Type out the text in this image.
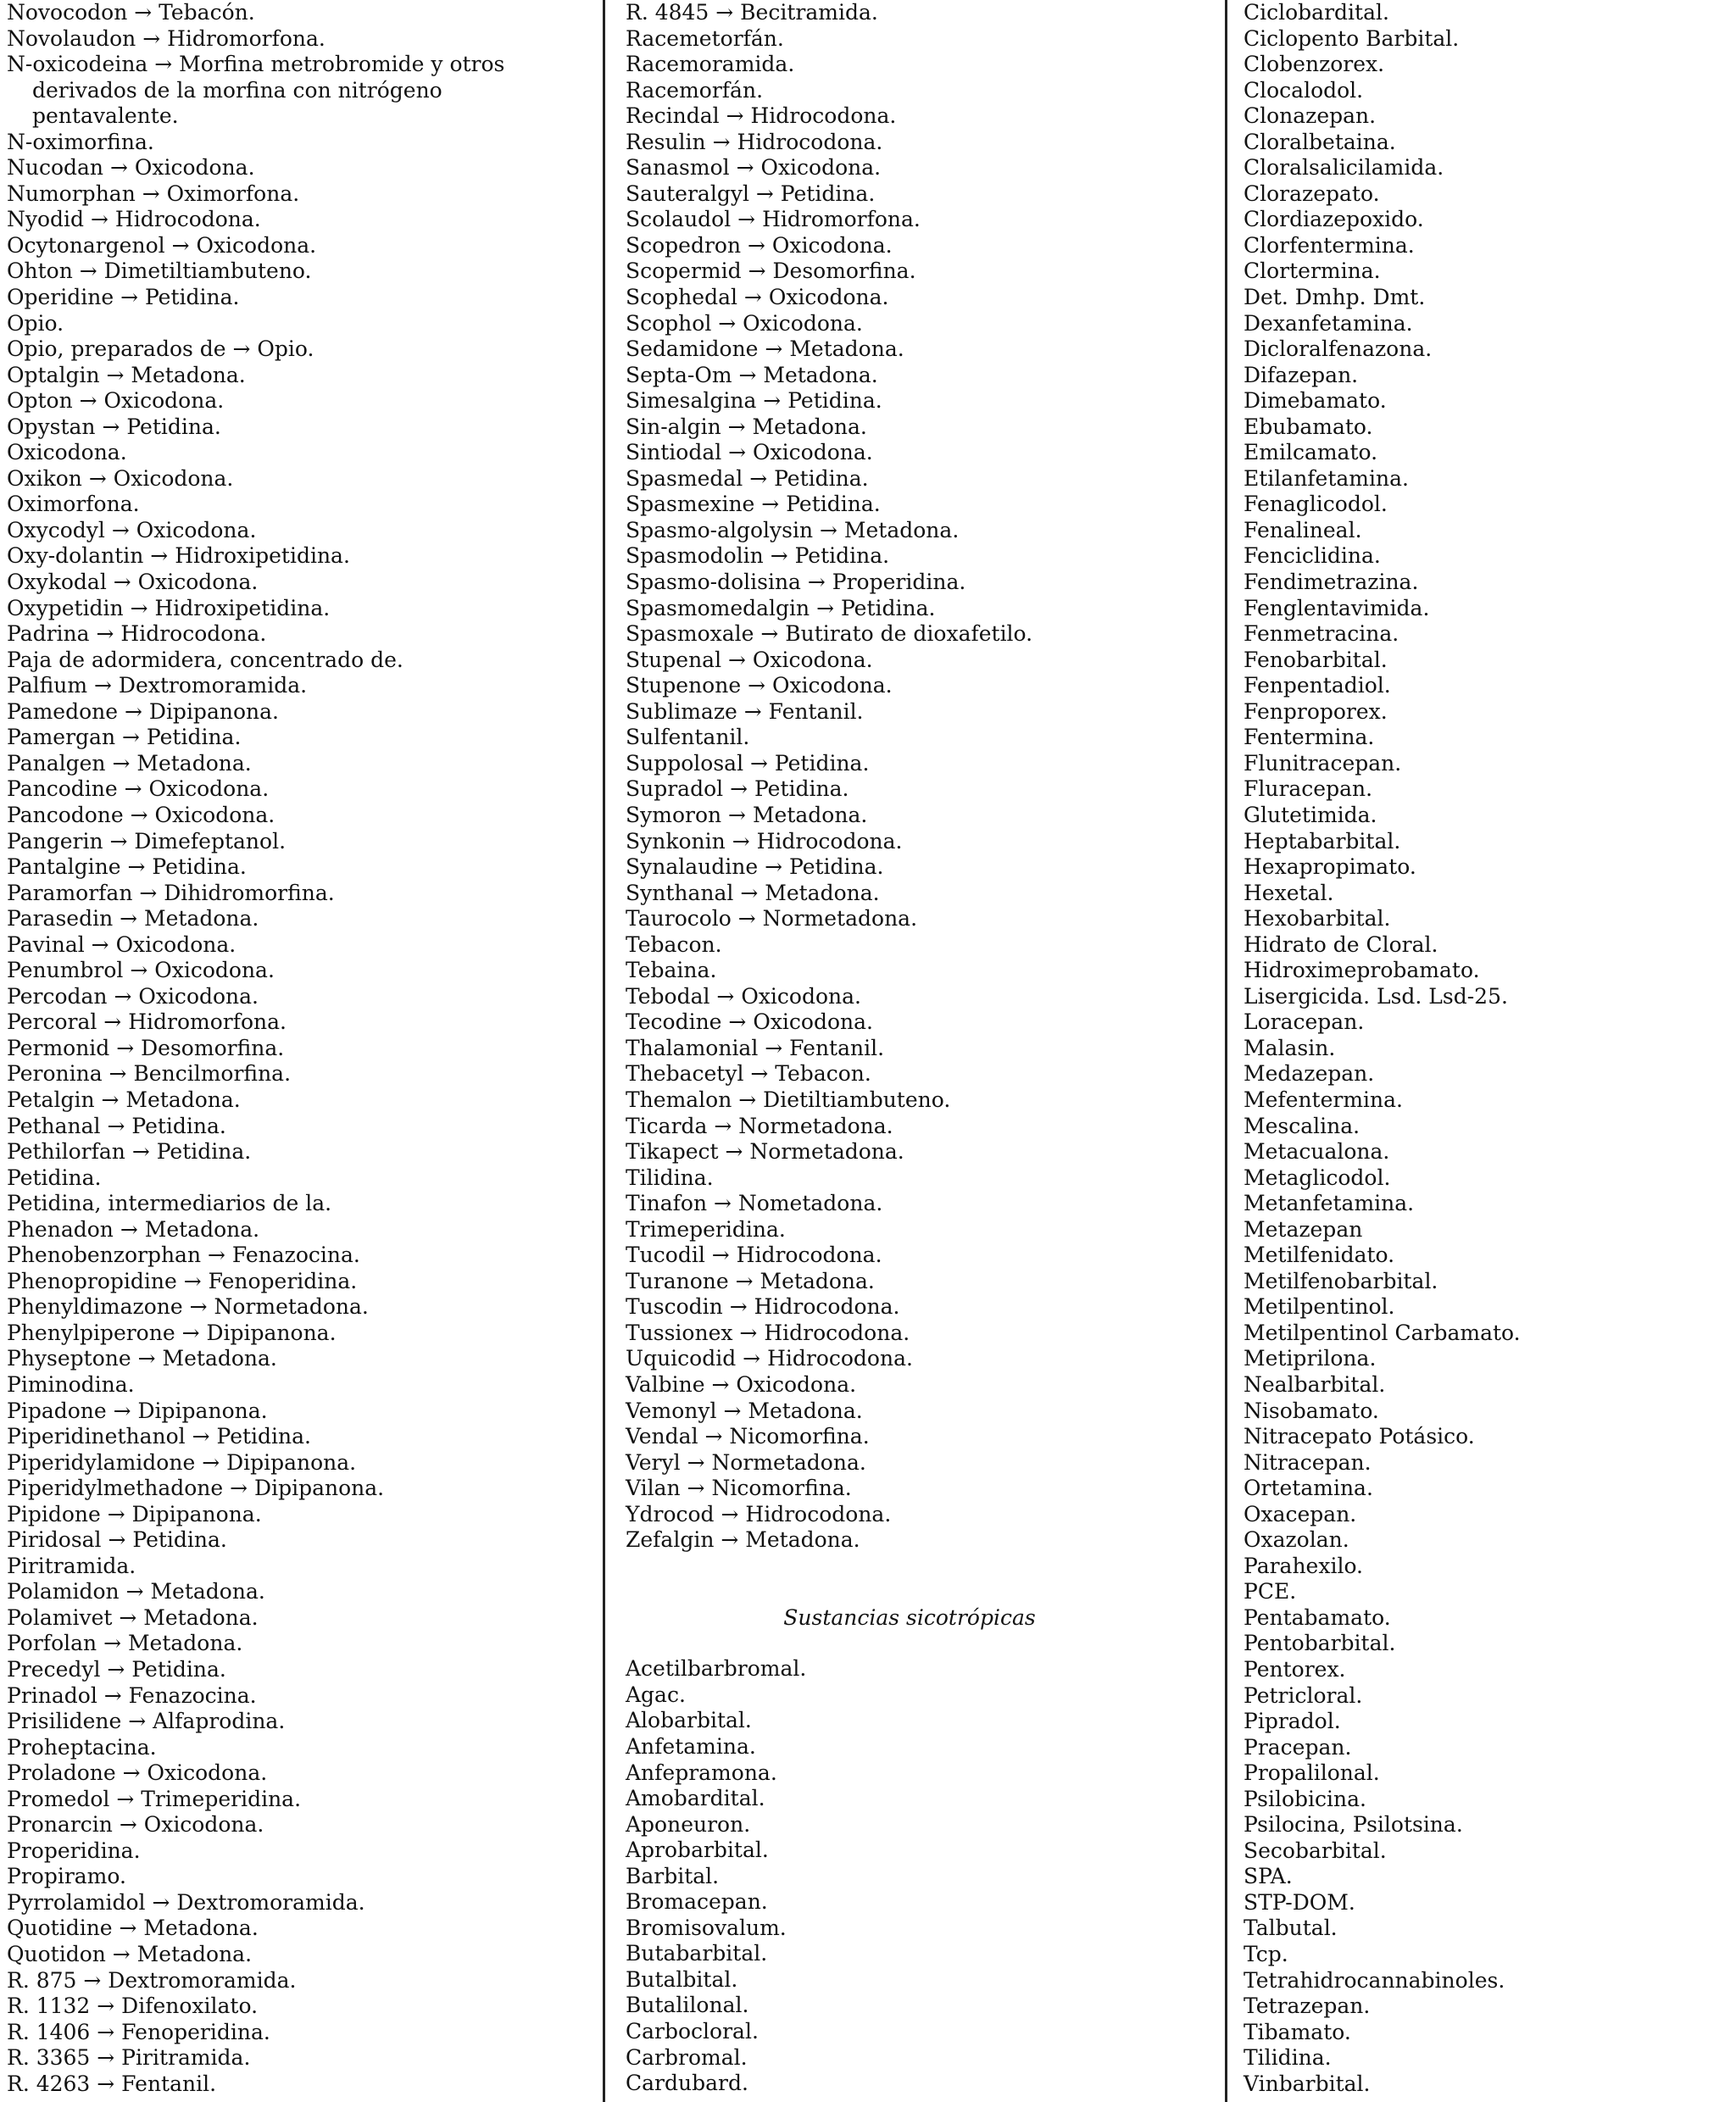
Novocodon → Tebacón.

Novolaudon → Hidromorfona.

N-oxicodeina → Morfina metrobromide y otros derivados de la morfina con nitrógeno pentavalente.

N-oximorfina.

Nucodan → Oxicodona.

Numorphan → Oximorfona.

Nyodid → Hidrocodona.

Ocytonargenol → Oxicodona.

Ohton → Dimetiltiambuteno.

Operidine → Petidina.

Opio.

Opio, preparados de → Opio.

Optalgin → Metadona.

Opton → Oxicodona.

Opystan → Petidina.

Oxicodona.

Oxikon → Oxicodona.

Oximorfona.

Oxycodyl → Oxicodona.

Oxy-dolantin → Hidroxipetidina.

Oxykodal → Oxicodona.

Oxypetidin → Hidroxipetidina.

Padrina → Hidrocodona.

Paja de adormidera, concentrado de.

Palfium → Dextromoramida.

Pamedone → Dipipanona.

Pamergan → Petidina.

Panalgen → Metadona.

Pancodine → Oxicodona.

Pancodone → Oxicodona.

Pangerin → Dimefeptanol.

Pantalgine → Petidina.

Paramorfan → Dihidromorfina.

Parasedin → Metadona.

Pavinal → Oxicodona.

Penumbrol → Oxicodona.

Percodan → Oxicodona.

Percoral → Hidromorfona.

Permonid → Desomorfina.

Peronina → Bencilmorfina.

Petalgin → Metadona.

Pethanal → Petidina.

Pethilorfan → Petidina.

Petidina.

Petidina, intermediarios de la.

Phenadon → Metadona.

Phenobenzorphan → Fenazocina.

Phenopropidine → Fenoperidina.

Phenyldimazone → Normetadona.

Phenylpiperone → Dipipanona.

Physeptone → Metadona.

Piminodina.

Pipadone → Dipipanona.

Piperidinethanol → Petidina.

Piperidylamidone → Dipipanona.

Piperidylmethadone → Dipipanona.

Pipidone → Dipipanona.

Piridosal → Petidina.

Piritramida.

Polamidon → Metadona.

Polamivet → Metadona.

Porfolan → Metadona.

Precedyl → Petidina.

Prinadol → Fenazocina.

Prisilidene → Alfaprodina.

Proheptacina.

Proladone → Oxicodona.

Promedol → Trimeperidina.

Pronarcin → Oxicodona.

Properidina.

Propiramo.

Pyrrolamidol → Dextromoramida.

Quotidine → Metadona.

Quotidon → Metadona.

R. 875 → Dextromoramida.

R. 1132 → Difenoxilato.

R. 1406 → Fenoperidina.

R. 3365 → Piritramida.

R. 4263 → Fentanil.

R. 4845 → Becitramida.

Racemetorfán.

Racemoramida.

Racemorfán.

Recindal → Hidrocodona.

Resulin → Hidrocodona.

Sanasmol → Oxicodona.

Sauteralgyl → Petidina.

Scolaudol → Hidromorfona.

Scopedron → Oxicodona.

Scopermid → Desomorfina.

Scophedal → Oxicodona.

Scophol → Oxicodona.

Sedamidone → Metadona.

Septa-Om → Metadona.

Simesalgina → Petidina.

Sin-algin → Metadona.

Sintiodal → Oxicodona.

Spasmedal → Petidina.

Spasmexine → Petidina.

Spasmo-algolysin → Metadona.

Spasmodolin → Petidina.

Spasmo-dolisina → Properidina.

Spasmomedalgin → Petidina.

Spasmoxale → Butirato de dioxafetilo.

Stupenal → Oxicodona.

Stupenone → Oxicodona.

Sublimaze → Fentanil.

Sulfentanil.

Suppolosal → Petidina.

Supradol → Petidina.

Symoron → Metadona.

Synkonin → Hidrocodona.

Synalaudine → Petidina.

Synthanal → Metadona.

Taurocolo → Normetadona.

Tebacon.

Tebaina.

Tebodal → Oxicodona.

Tecodine → Oxicodona.

Thalamonial → Fentanil.

Thebacetyl → Tebacon.

Themalon → Dietiltiambuteno.

Ticarda → Normetadona.

Tikapect → Normetadona.

Tilidina.

Tinafon → Nometadona.

Trimeperidina.

Tucodil → Hidrocodona.

Turanone → Metadona.

Tuscodin → Hidrocodona.

Tussionex → Hidrocodona.

Uquicodid → Hidrocodona.

Valbine → Oxicodona.

Vemonyl → Metadona.

Vendal → Nicomorfina.

Veryl → Normetadona.

Vilan → Nicomorfina.

Ydrocod → Hidrocodona.

Zefalgin → Metadona.

Sustancias sicotrópicas

Acetilbarbromal.

Agac.

Alobarbital.

Anfetamina.

Anfepramona.

Amobardital.

Aponeuron.

Aprobarbital.

Barbital.

Bromacepan.

Bromisovalum.

Butabarbital.

Butalbital.

Butalilonal.

Carbocloral.

Carbromal.

Cardubard.

Ciclobardital.

Ciclopento Barbital.

Clobenzorex.

Clocalodol.

Clonazepan.

Cloralbetaina.

Cloralsalicilamida.

Clorazepato.

Clordiazepoxido.

Clorfentermina.

Clortermina.

Det. Dmhp. Dmt.

Dexanfetamina.

Dicloralfenazona.

Difazepan.

Dimebamato.

Ebubamato.

Emilcamato.

Etilanfetamina.

Fenaglicodol.

Fenalineal.

Fenciclidina.

Fendimetrazina.

Fenglentavimida.

Fenmetracina.

Fenobarbital.

Fenpentadiol.

Fenproporex.

Fentermina.

Flunitracepan.

Fluracepan.

Glutetimida.

Heptabarbital.

Hexapropimato.

Hexetal.

Hexobarbital.

Hidrato de Cloral.

Hidroximeprobamato.

Lisergicida. Lsd. Lsd-25.

Loracepan.

Malasin.

Medazepan.

Mefentermina.

Mescalina.

Metacualona.

Metaglicodol.

Metanfetamina.

Metazepan

Metilfenidato.

Metilfenobarbital.

Metilpentinol.

Metilpentinol Carbamato.

Metiprilona.

Nealbarbital.

Nisobamato.

Nitracepato Potásico.

Nitracepan.

Ortetamina.

Oxacepan.

Oxazolan.

Parahexilo.

PCE.

Pentabamato.

Pentobarbital.

Pentorex.

Petricloral.

Pipradol.

Pracepan.

Propalilonal.

Psilobicina.

Psilocina, Psilotsina.

Secobarbital.

SPA.

STP-DOM.

Talbutal.

Tcp.

Tetrahidrocannabinoles.

Tetrazepan.

Tibamato.

Tilidina.

Vinbarbital.
